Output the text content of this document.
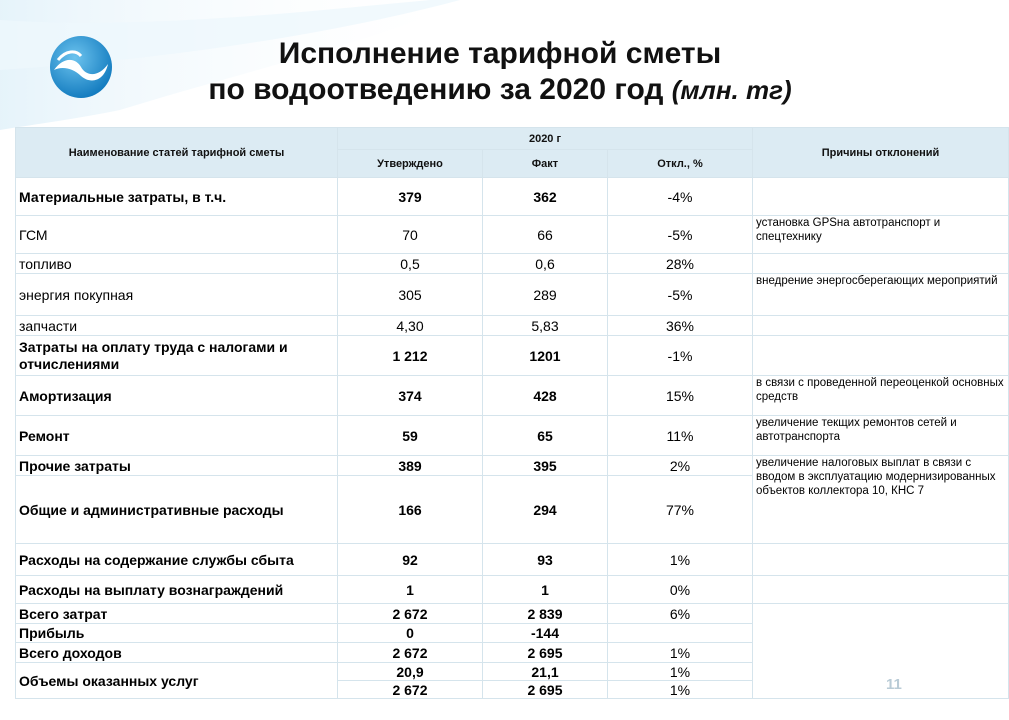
Исполнение тарифной сметы
по водоотведению за 2020 год (млн. тг)
Наименование статей тарифной сметы	2020 г			Причины отклонений
	Утверждено	Факт	Откл., %	
Материальные затраты, в т.ч.	379	362	-4%	
ГСМ	70	66	-5%	установка GPSна автотранспорт и спецтехнику
топливо	0,5	0,6	28%	
энергия покупная	305	289	-5%	внедрение энергосберегающих мероприятий
запчасти	4,30	5,83	36%	
Затраты на оплату труда с налогами и отчислениями	1 212	1201	-1%	
Амортизация	374	428	15%	в связи с проведенной переоценкой основных средств
Ремонт	59	65	11%	увеличение текщих ремонтов сетей и автотранспорта
Прочие затраты	389	395	2%	увеличение налоговых выплат в связи с вводом в эксплуатацию модернизированных объектов коллектора 10, КНС 7
Общие и административные расходы	166	294	77%	
Расходы на содержание службы сбыта	92	93	1%	
Расходы на выплату вознаграждений	1	1	0%	
Всего затрат	2 672	2 839	6%	
Прибыль	0	-144		
Всего доходов	2 672	2 695	1%	
Объемы оказанных услуг	20,9	21,1	1%	
	2 672	2 695	1%		11
